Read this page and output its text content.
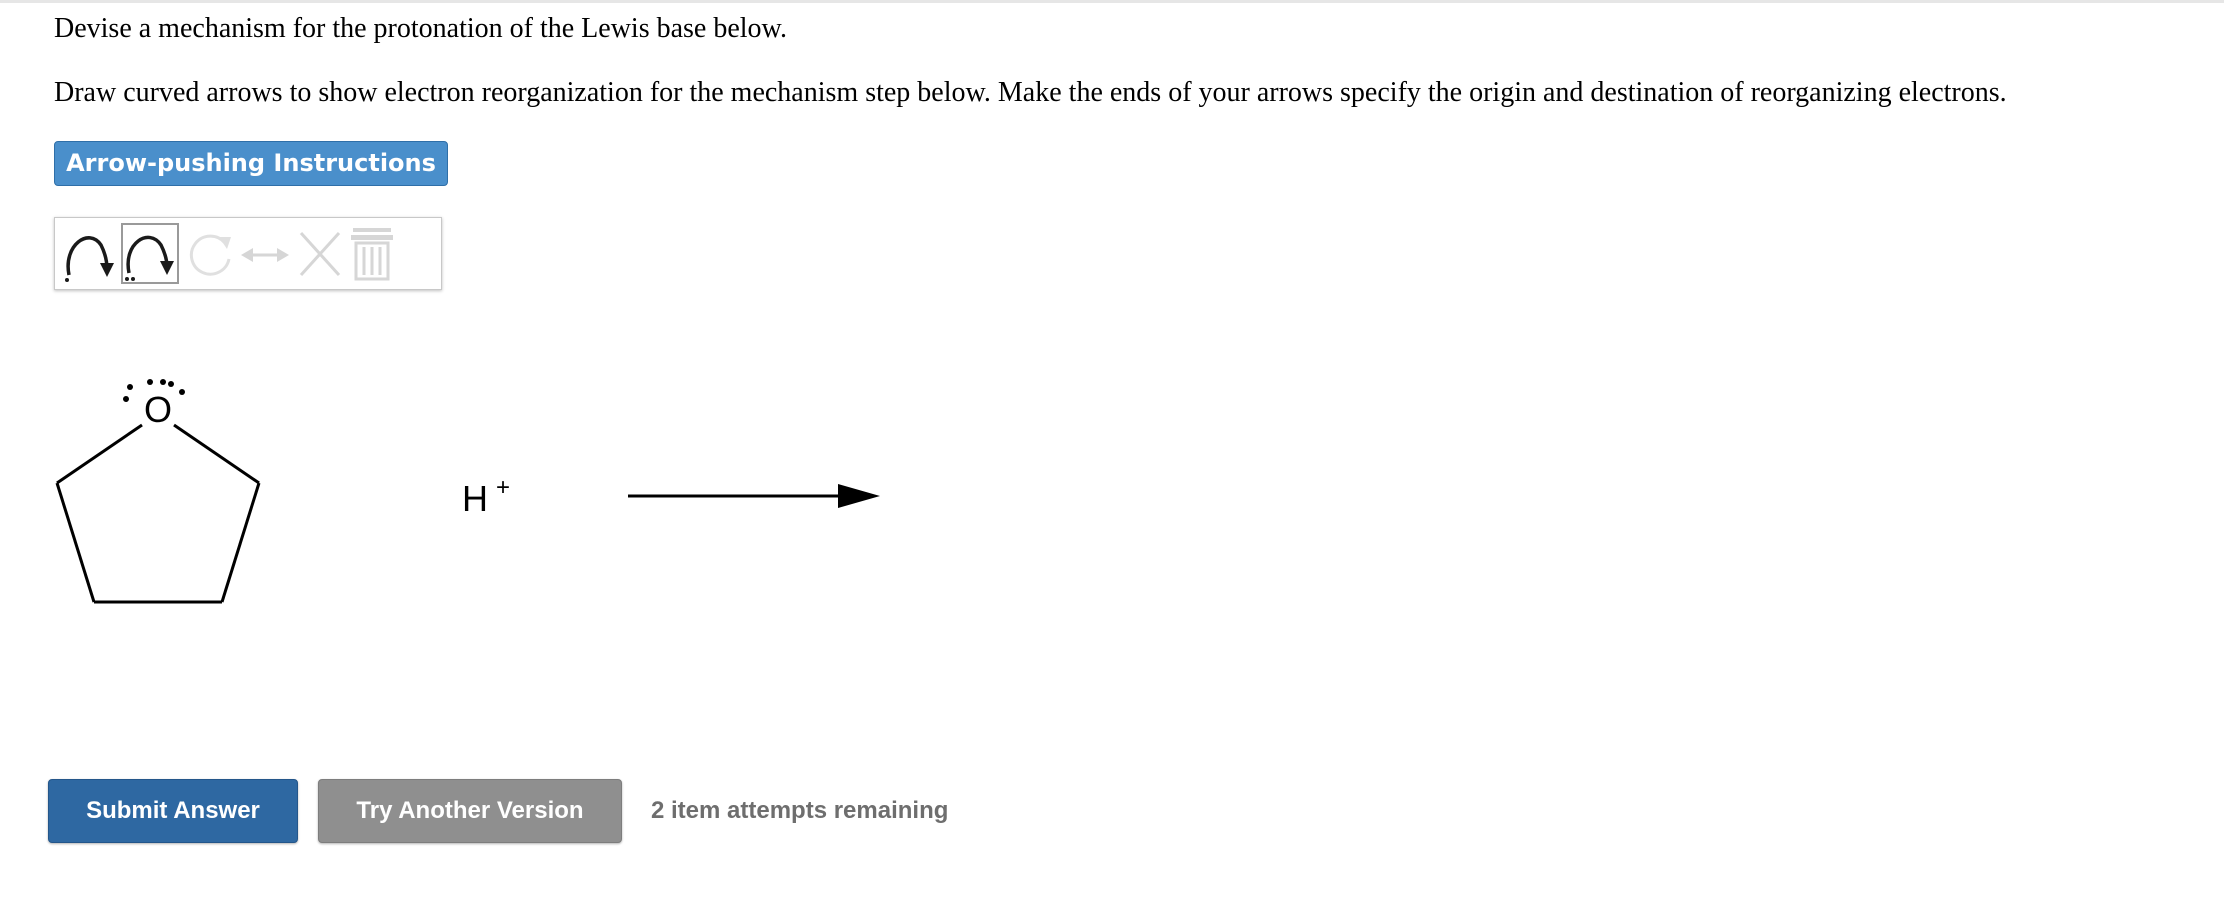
Devise a mechanism for the protonation of the Lewis base below.

Draw curved arrows to show electron reorganization for the mechanism step below. Make the ends of your arrows specify the origin and destination of reorganizing electrons.

Arrow-pushing Instructions
O
H +
Submit Answer	Try Another Version	2 item attempts remaining
